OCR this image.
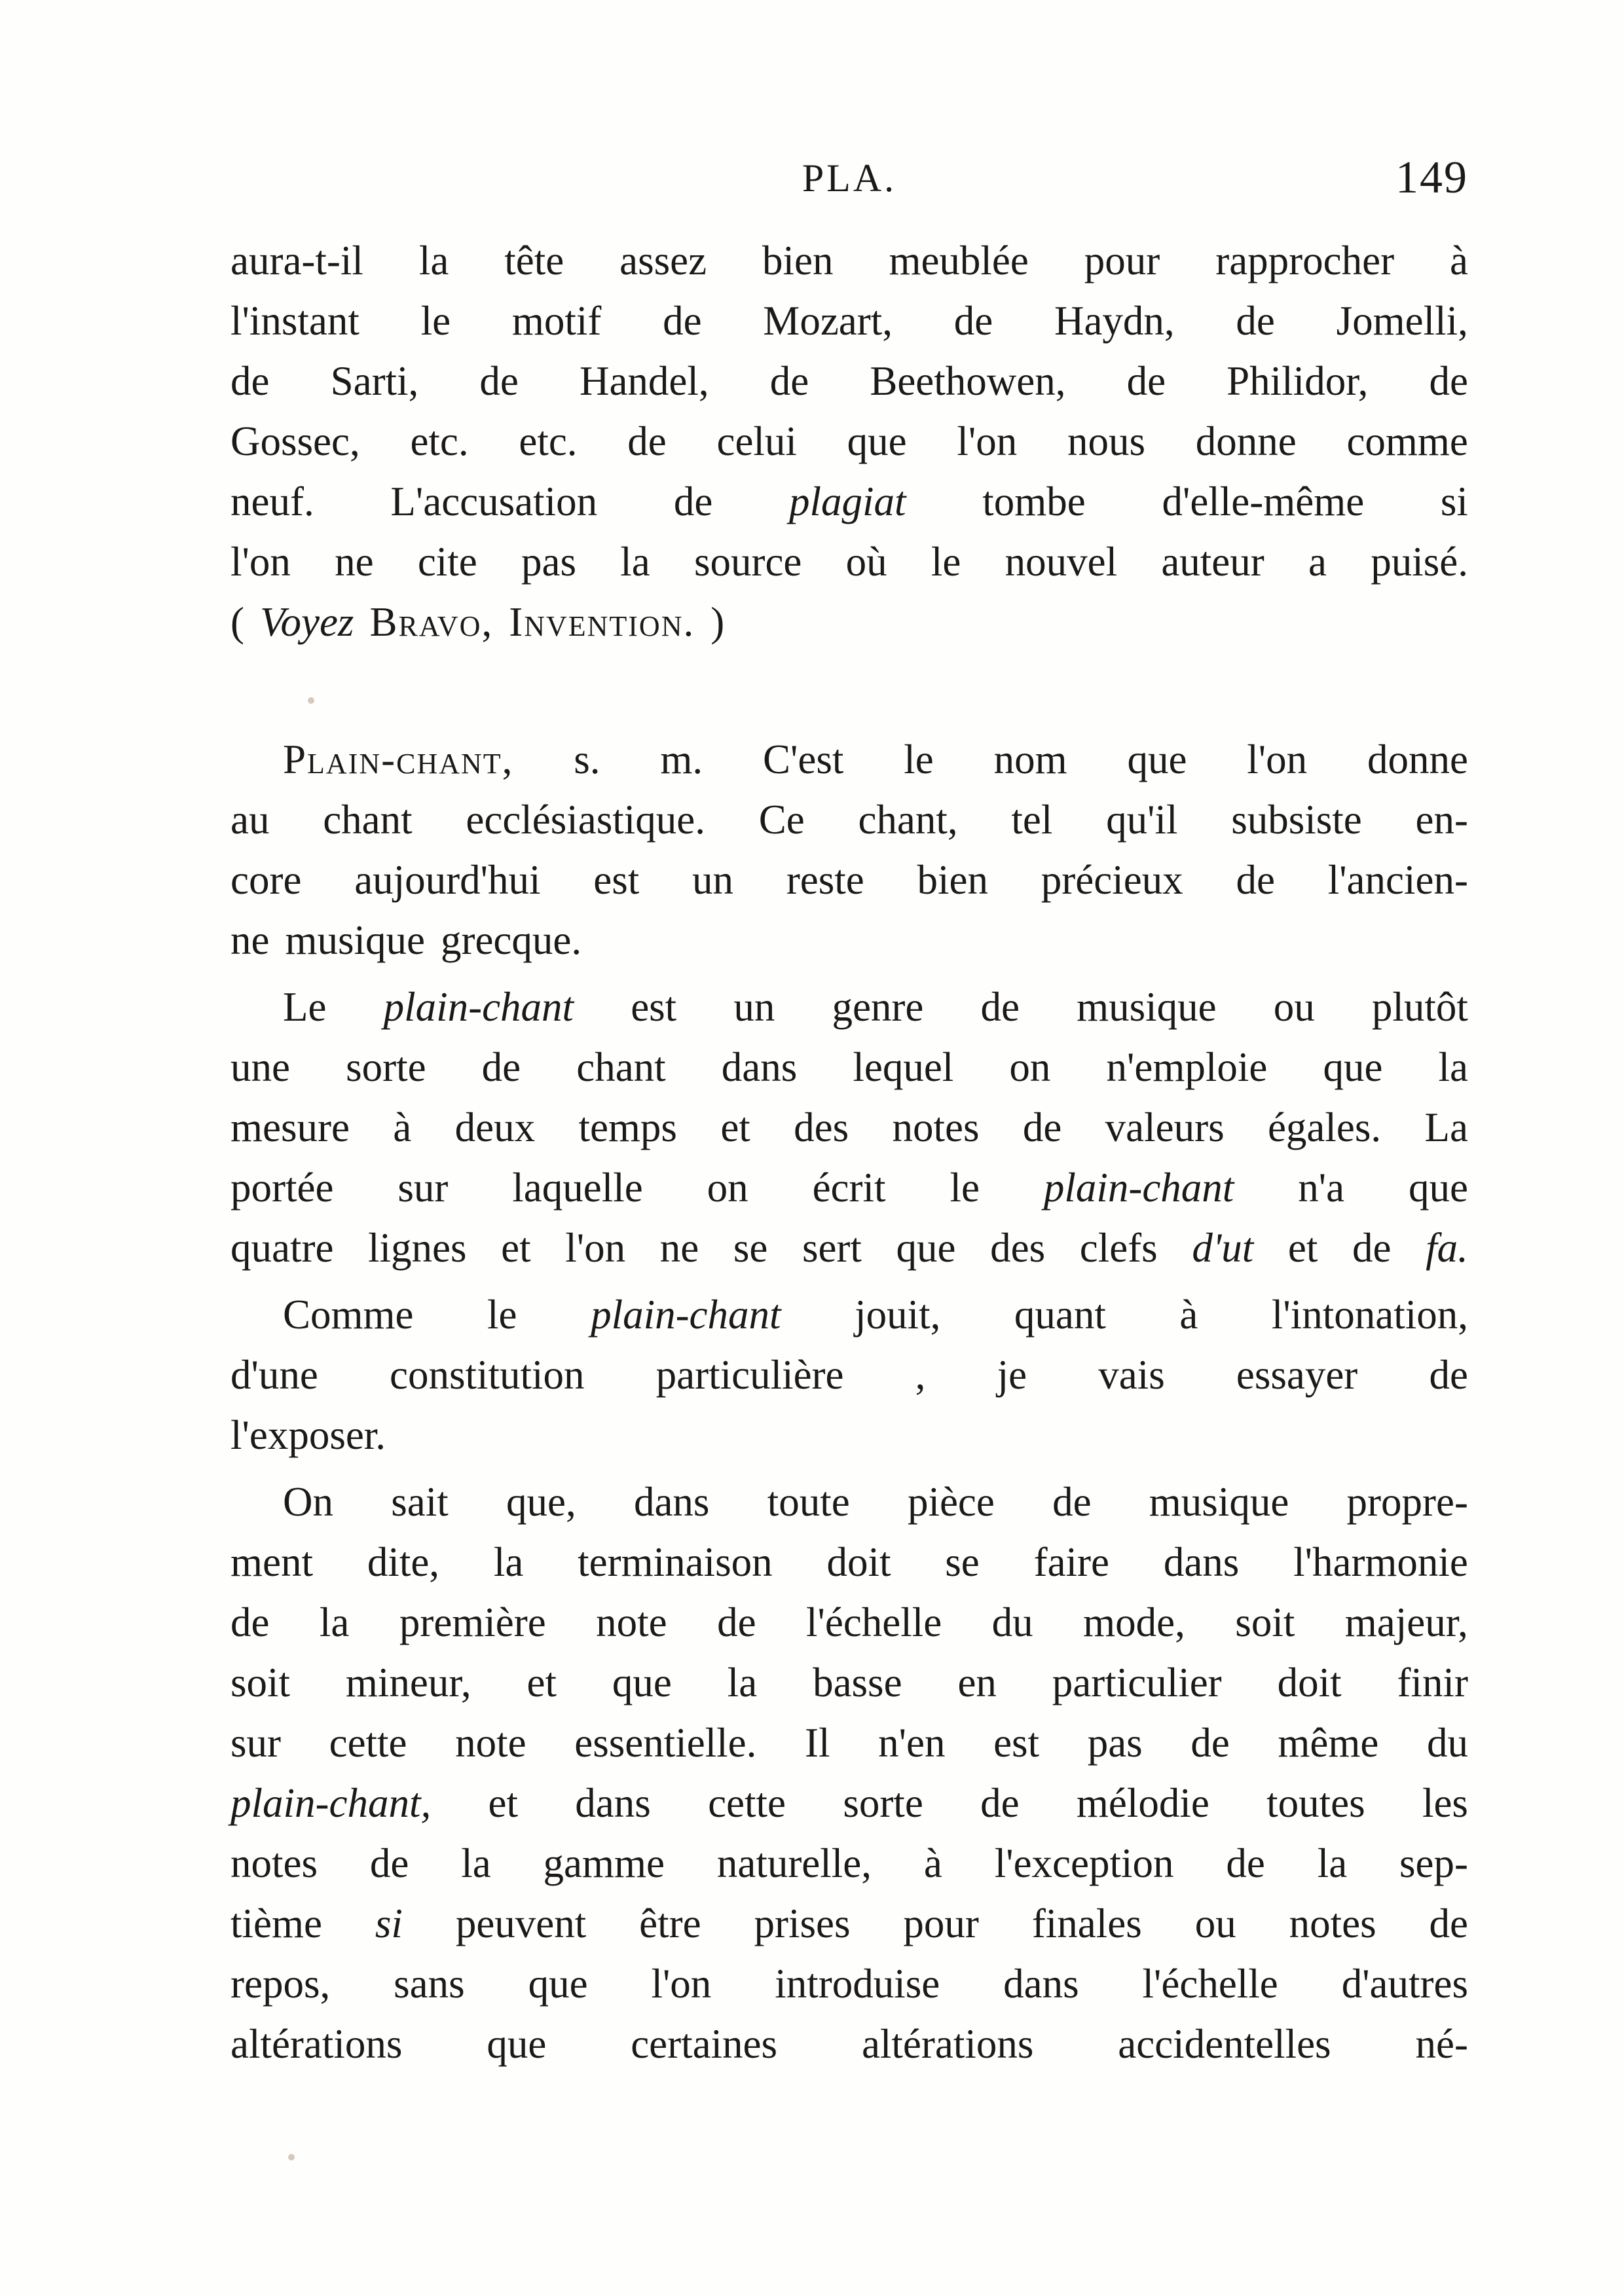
PLA.	149
aura-t-il la tête assez bien meublée pour rapprocher à
l'instant le motif de Mozart, de Haydn, de Jomelli,
de Sarti, de Handel, de Beethowen, de Philidor, de
Gossec, etc. etc. de celui que l'on nous donne comme
neuf. L'accusation de plagiat tombe d'elle-même si
l'on ne cite pas la source où le nouvel auteur a puisé.
( Voyez Bravo, Invention. )
Plain-chant, s. m. C'est le nom que l'on donne
au chant ecclésiastique. Ce chant, tel qu'il subsiste en-
core aujourd'hui est un reste bien précieux de l'ancien-
ne musique grecque.
Le plain-chant est un genre de musique ou plutôt
une sorte de chant dans lequel on n'emploie que la
mesure à deux temps et des notes de valeurs égales. La
portée sur laquelle on écrit le plain-chant n'a que
quatre lignes et l'on ne se sert que des clefs d'ut et de fa.
Comme le plain-chant jouit, quant à l'intonation,
d'une constitution particulière , je vais essayer de
l'exposer.
On sait que, dans toute pièce de musique propre-
ment dite, la terminaison doit se faire dans l'harmonie
de la première note de l'échelle du mode, soit majeur,
soit mineur, et que la basse en particulier doit finir
sur cette note essentielle. Il n'en est pas de même du
plain-chant, et dans cette sorte de mélodie toutes les
notes de la gamme naturelle, à l'exception de la sep-
tième si peuvent être prises pour finales ou notes de
repos, sans que l'on introduise dans l'échelle d'autres
altérations que certaines altérations accidentelles né-
